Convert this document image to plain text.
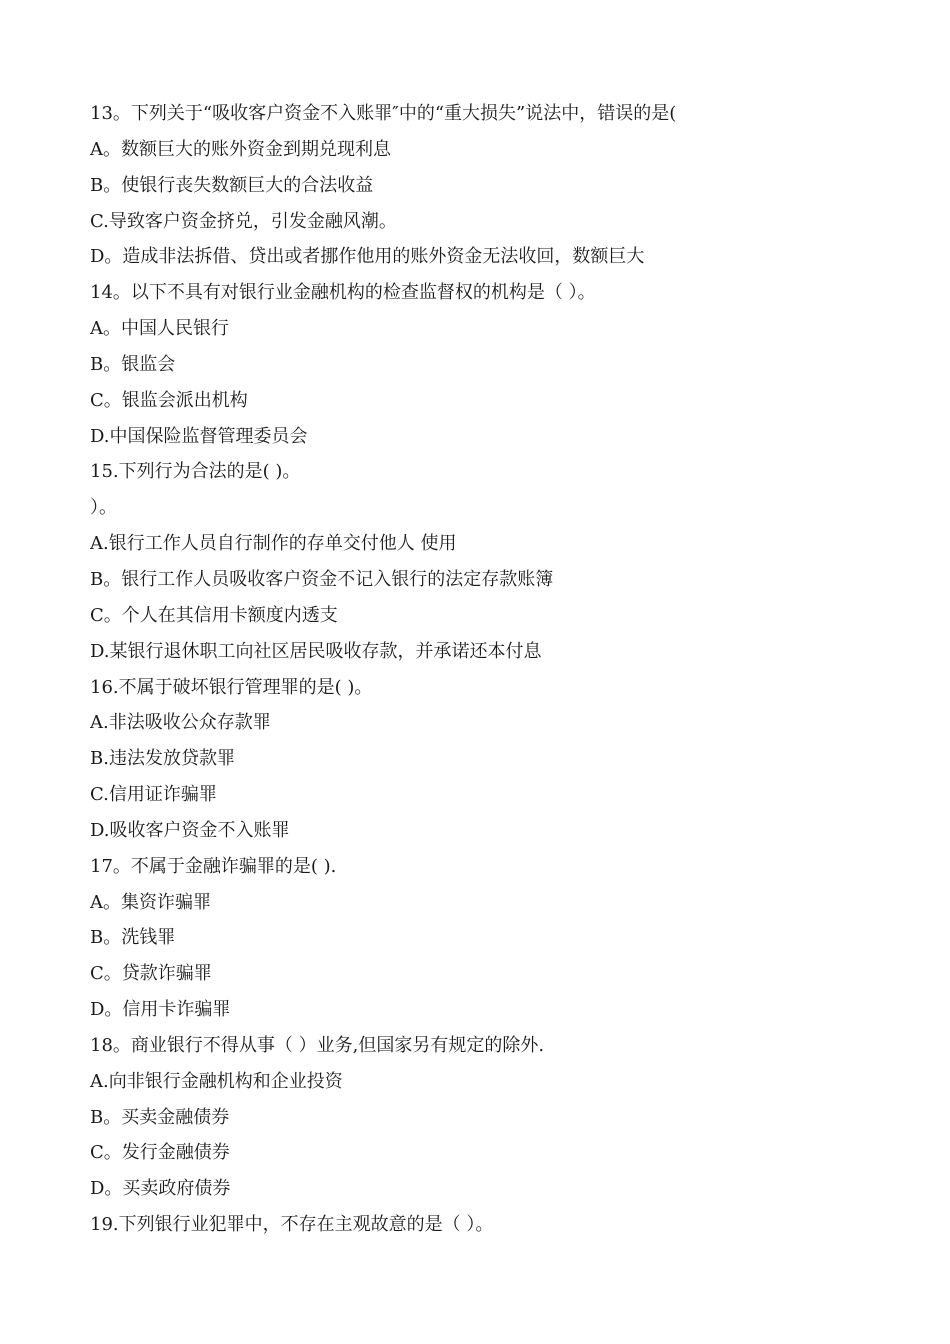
13。下列关于“吸收客户资金不入账罪″中的“重大损失”说法中，错误的是(
A。数额巨大的账外资金到期兑现利息
B。使银行丧失数额巨大的合法收益
C.导致客户资金挤兑，引发金融风潮。
D。造成非法拆借、贷出或者挪作他用的账外资金无法收回，数额巨大
14。以下不具有对银行业金融机构的检查监督权的机构是（ ）。
A。中国人民银行
B。银监会
C。银监会派出机构
D.中国保险监督管理委员会
15.下列行为合法的是( )。
）。
A.银行工作人员自行制作的存单交付他人 使用
B。银行工作人员吸收客户资金不记入银行的法定存款账簿
C。个人在其信用卡额度内透支
D.某银行退休职工向社区居民吸收存款，并承诺还本付息
16.不属于破坏银行管理罪的是( )。
A.非法吸收公众存款罪
B.违法发放贷款罪
C.信用证诈骗罪
D.吸收客户资金不入账罪
17。不属于金融诈骗罪的是( ).
A。集资诈骗罪
B。洗钱罪
C。贷款诈骗罪
D。信用卡诈骗罪
18。商业银行不得从事（ ）业务,但国家另有规定的除外.
A.向非银行金融机构和企业投资
B。买卖金融债券
C。发行金融债券
D。买卖政府债券
19.下列银行业犯罪中，不存在主观故意的是（ ）。
